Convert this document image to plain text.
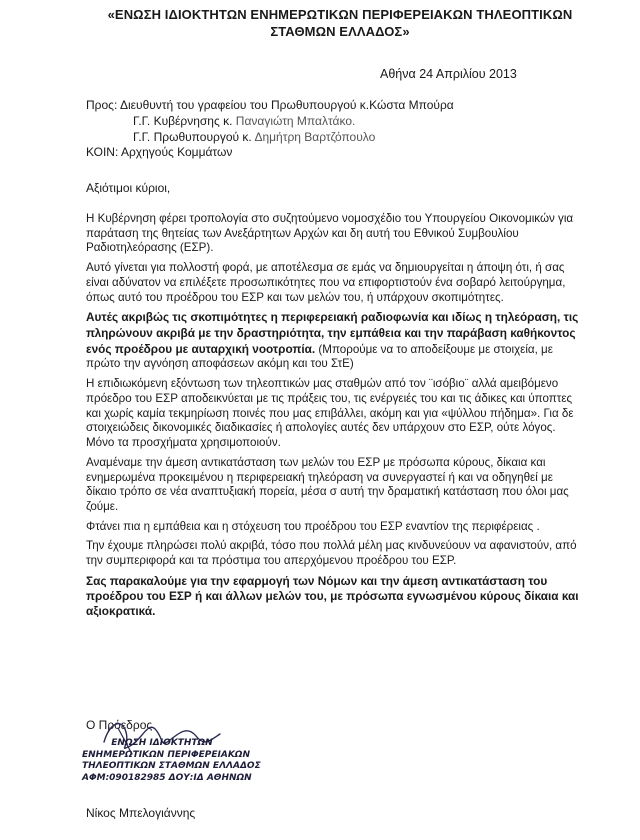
«ΕΝΩΣΗ ΙΔΙΟΚΤΗΤΩΝ ΕΝΗΜΕΡΩΤΙΚΩΝ ΠΕΡΙΦΕΡΕΙΑΚΩΝ ΤΗΛΕΟΠΤΙΚΩΝ
ΣΤΑΘΜΩΝ ΕΛΛΑΔΟΣ»
Αθήνα 24 Απριλίου 2013
Προς: Διευθυντή του γραφείου του Πρωθυπουργού κ.Κώστα Μπούρα
Γ.Γ. Κυβέρνησης κ. Παναγιώτη Μπαλτάκο.
Γ.Γ. Πρωθυπουργού κ. Δημήτρη Βαρτζόπουλο
ΚΟΙΝ: Αρχηγούς Κομμάτων
Αξιότιμοι κύριοι,

Η Κυβέρνηση φέρει τροπολογία στο συζητούμενο νομοσχέδιο του Υπουργείου Οικονομικών για παράταση της θητείας των Ανεξάρτητων Αρχών και δη αυτή του Εθνικού Συμβουλίου Ραδιοτηλεόρασης (ΕΣΡ).

Αυτό γίνεται για πολλοστή φορά, με αποτέλεσμα σε εμάς να δημιουργείται η άποψη ότι, ή σας είναι αδύνατον να επιλέξετε προσωπικότητες που να επιφορτιστούν ένα σοβαρό λειτούργημα, όπως αυτό του προέδρου του ΕΣΡ και των μελών του, ή υπάρχουν σκοπιμότητες.

Αυτές ακριβώς τις σκοπιμότητες η περιφερειακή ραδιοφωνία και ιδίως η τηλεόραση, τις πληρώνουν ακριβά με την δραστηριότητα, την εμπάθεια και την παράβαση καθήκοντος ενός προέδρου με αυταρχική νοοτροπία. (Μπορούμε να το αποδείξουμε με στοιχεία, με πρώτο την αγνόηση αποφάσεων ακόμη και του ΣτΕ)

Η επιδιωκόμενη εξόντωση των τηλεοπτικών μας σταθμών από τον ¨ισόβιο¨ αλλά αμειβόμενο πρόεδρο του ΕΣΡ αποδεικνύεται με τις πράξεις του, τις ενέργειές του και τις άδικες και ύποπτες και χωρίς καμία τεκμηρίωση ποινές που μας επιβάλλει, ακόμη και για «ψύλλου πήδημα». Για δε στοιχειώδεις δικονομικές διαδικασίες ή απολογίες αυτές δεν υπάρχουν στο ΕΣΡ, ούτε λόγος. Μόνο τα προσχήματα χρησιμοποιούν.

Αναμέναμε την άμεση αντικατάσταση των μελών του ΕΣΡ με πρόσωπα κύρους, δίκαια και ενημερωμένα προκειμένου η περιφερειακή τηλεόραση να συνεργαστεί ή και να οδηγηθεί με δίκαιο τρόπο σε νέα αναπτυξιακή πορεία, μέσα σ αυτή την δραματική κατάσταση που όλοι μας ζούμε.

Φτάνει πια η εμπάθεια και η στόχευση του προέδρου του ΕΣΡ εναντίον της περιφέρειας .

Την έχουμε πληρώσει πολύ ακριβά, τόσο που πολλά μέλη μας κινδυνεύουν να αφανιστούν, από την συμπεριφορά και τα πρόστιμα του απερχόμενου προέδρου του ΕΣΡ.

Σας παρακαλούμε για την εφαρμογή των Νόμων και την άμεση αντικατάσταση του προέδρου του ΕΣΡ ή και άλλων μελών του, με πρόσωπα εγνωσμένου κύρους δίκαια και αξιοκρατικά.

Ο Πρόεδρος
ΕΝΩΣΗ ΙΔΙΟΚΤΗΤΩΝ
ΕΝΗΜΕΡΩΤΙΚΩΝ ΠΕΡΙΦΕΡΕΙΑΚΩΝ
ΤΗΛΕΟΠΤΙΚΩΝ ΣΤΑΘΜΩΝ ΕΛΛΑΔΟΣ
ΑΦΜ:090182985 ΔΟΥ:ΙΔ ΑΘΗΝΩΝ
Νίκος Μπελογιάννης
